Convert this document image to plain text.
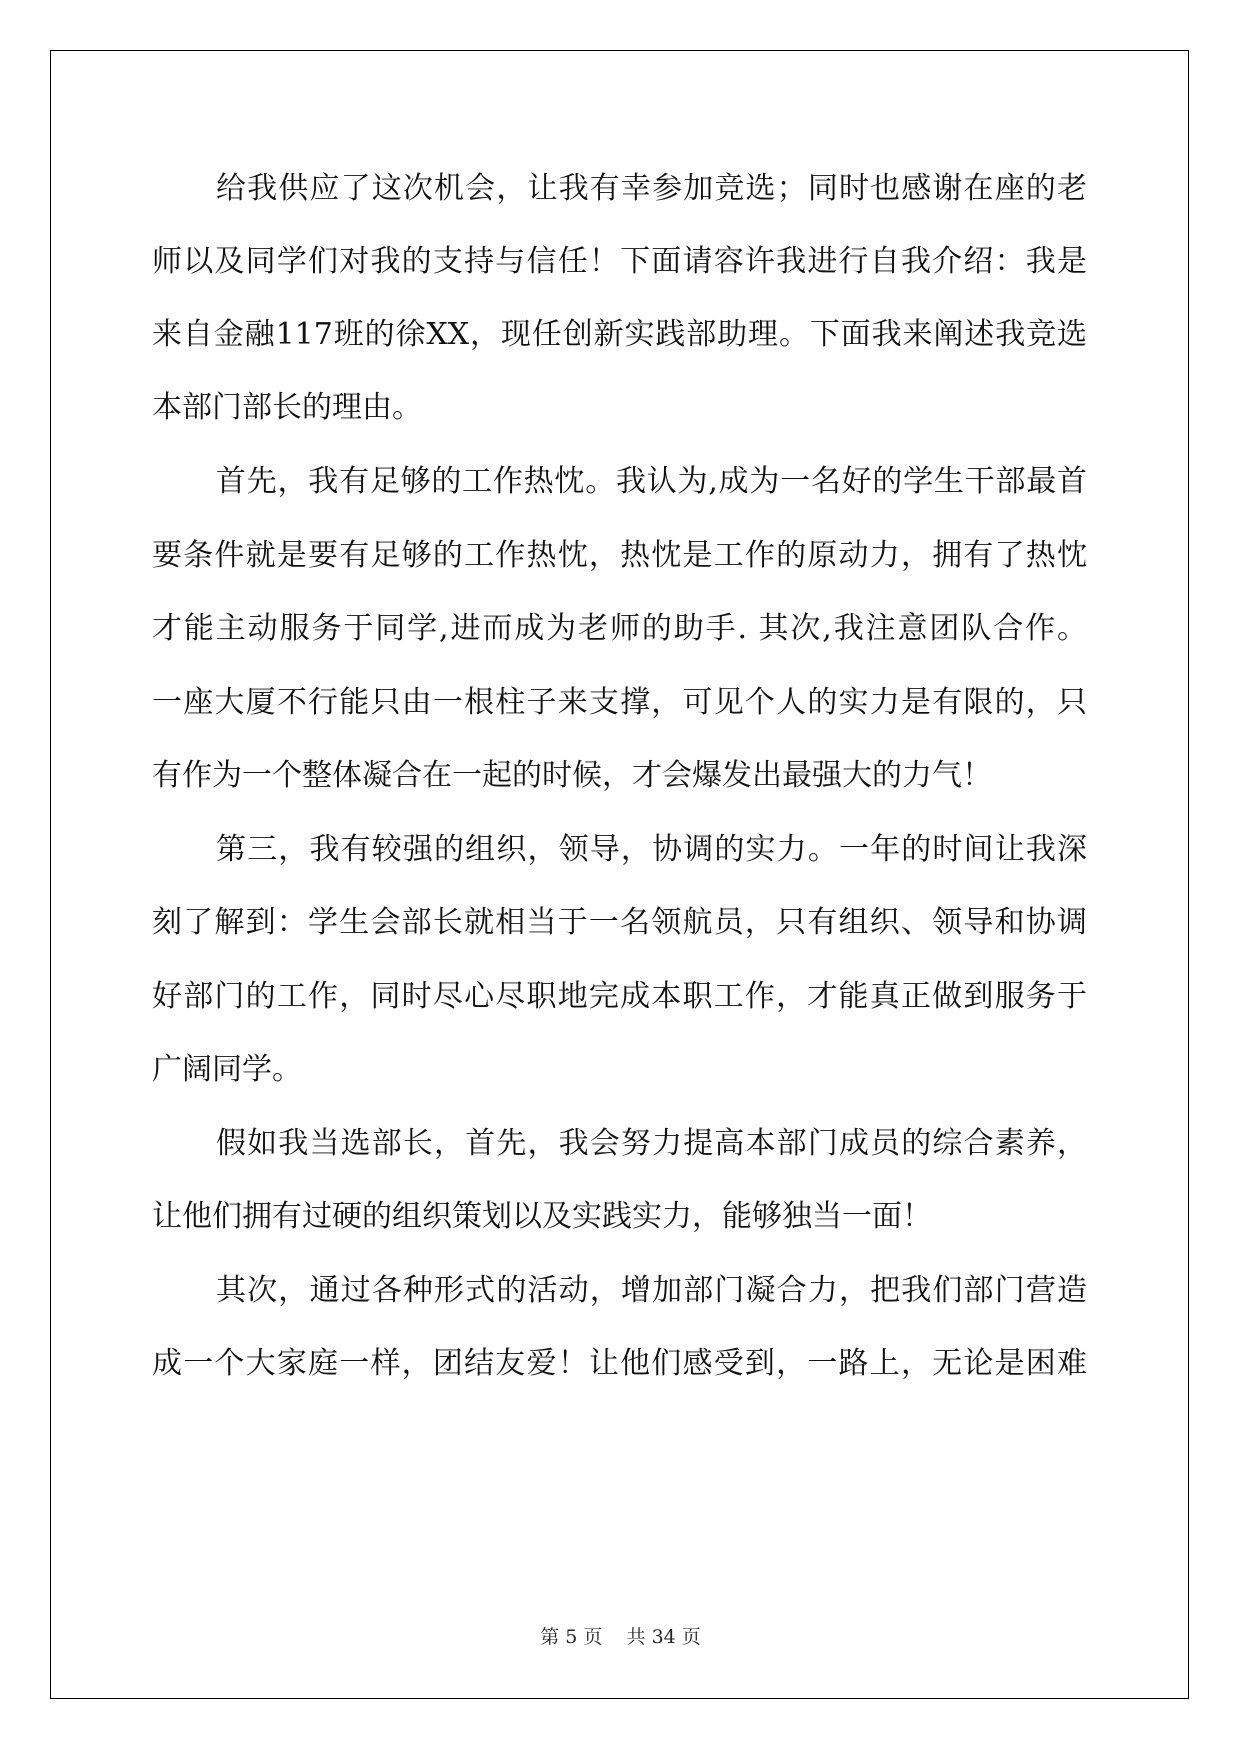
给我供应了这次机会，让我有幸参加竞选；同时也感谢在座的老
师以及同学们对我的支持与信任！下面请容许我进行自我介绍：我是
来自金融117班的徐XX，现任创新实践部助理。下面我来阐述我竞选
本部门部长的理由。
首先，我有足够的工作热忱。我认为,成为一名好的学生干部最首
要条件就是要有足够的工作热忱，热忱是工作的原动力，拥有了热忱
才能主动服务于同学,进而成为老师的助手. 其次,我注意团队合作。
一座大厦不行能只由一根柱子来支撑，可见个人的实力是有限的，只
有作为一个整体凝合在一起的时候，才会爆发出最强大的力气！
第三，我有较强的组织，领导，协调的实力。一年的时间让我深
刻了解到：学生会部长就相当于一名领航员，只有组织、领导和协调
好部门的工作，同时尽心尽职地完成本职工作，才能真正做到服务于
广阔同学。
假如我当选部长，首先，我会努力提高本部门成员的综合素养，
让他们拥有过硬的组织策划以及实践实力，能够独当一面！
其次，通过各种形式的活动，增加部门凝合力，把我们部门营造
成一个大家庭一样，团结友爱！让他们感受到，一路上，无论是困难
第 5 页    共 34 页
